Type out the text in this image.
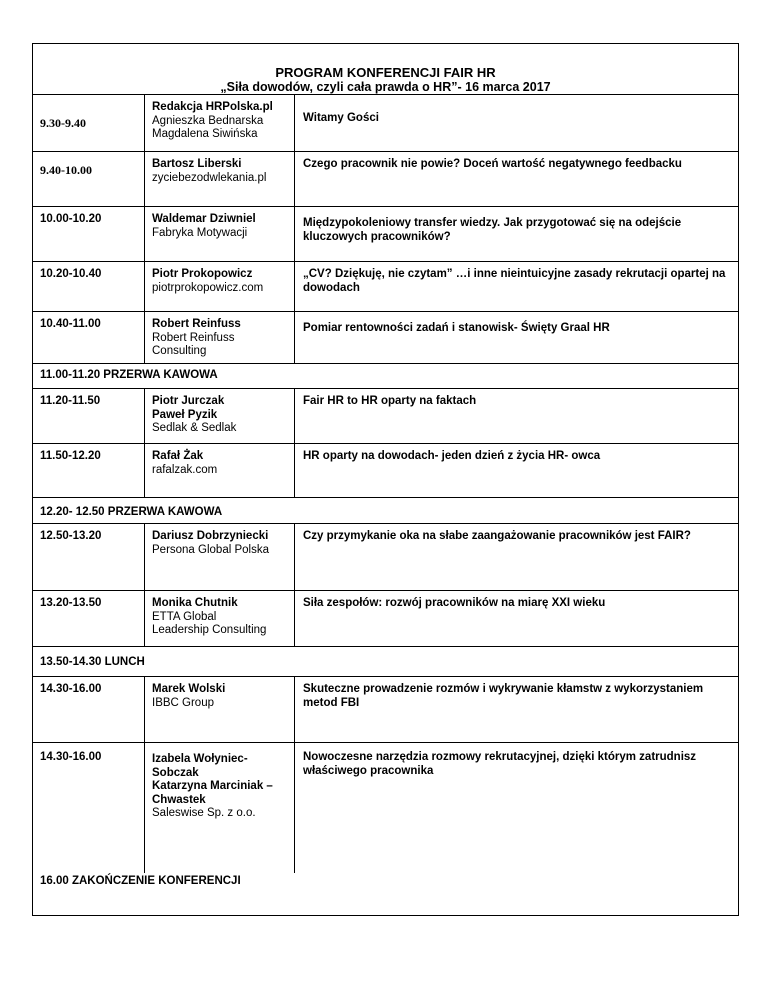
PROGRAM KONFERENCJI FAIR HR
„Siła dowodów, czyli cała prawda o HR”- 16 marca 2017		

9.30-9.40	Redakcja HRPolska.pl
Agnieszka Bednarska
Magdalena Siwińska	Witamy Gości
9.40-10.00	Bartosz Liberski
zyciebezodwlekania.pl	Czego pracownik nie powie? Doceń wartość negatywnego feedbacku
10.00-10.20	Waldemar Dziwniel
Fabryka Motywacji	Międzypokoleniowy transfer wiedzy. Jak przygotować się na odejście kluczowych pracowników?
10.20-10.40	Piotr Prokopowicz
piotrprokopowicz.com	„CV? Dziękuję, nie czytam” …i inne nieintuicyjne zasady rekrutacji opartej na dowodach
10.40-11.00	Robert Reinfuss
Robert Reinfuss
Consulting	Pomiar rentowności zadań i stanowisk- Święty Graal HR
11.00-11.20 PRZERWA KAWOWA		
11.20-11.50	Piotr Jurczak
Paweł Pyzik
Sedlak & Sedlak	Fair HR to HR oparty na faktach
11.50-12.20	Rafał Żak
rafalzak.com	HR oparty na dowodach- jeden dzień z życia HR- owca
12.20- 12.50 PRZERWA KAWOWA		
12.50-13.20	Dariusz Dobrzyniecki
Persona Global Polska	Czy przymykanie oka na słabe zaangażowanie pracowników jest FAIR?
13.20-13.50	Monika Chutnik
ETTA Global
Leadership Consulting	Siła zespołów: rozwój pracowników na miarę XXI wieku
13.50-14.30 LUNCH		
14.30-16.00	Marek Wolski
IBBC Group	Skuteczne prowadzenie rozmów i wykrywanie kłamstw z wykorzystaniem metod FBI
14.30-16.00	Izabela Wołyniec-Sobczak
Katarzyna Marciniak – Chwastek
Saleswise Sp. z o.o.	Nowoczesne narzędzia rozmowy rekrutacyjnej, dzięki którym zatrudnisz właściwego pracownika
16.00 ZAKOŃCZENIE KONFERENCJI		
